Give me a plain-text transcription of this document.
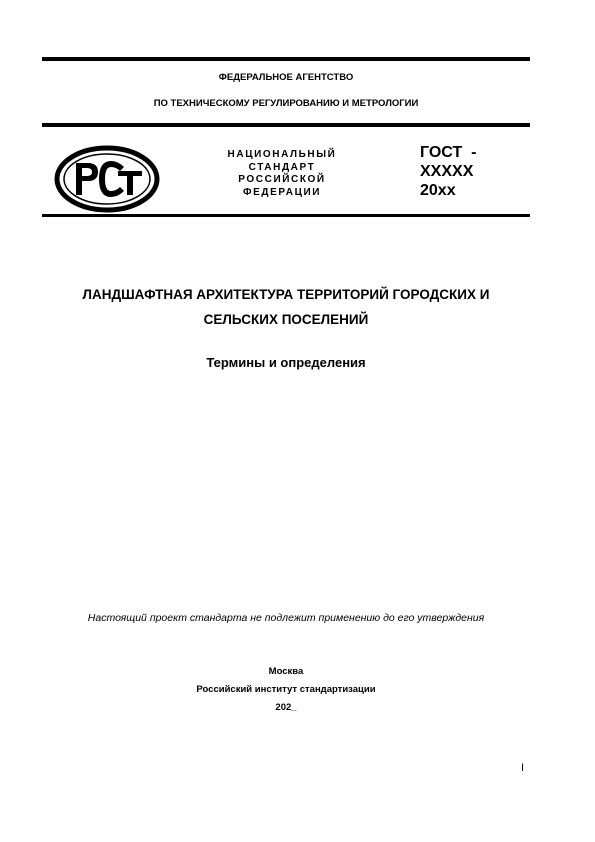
ФЕДЕРАЛЬНОЕ АГЕНТСТВО
ПО ТЕХНИЧЕСКОМУ РЕГУЛИРОВАНИЮ И МЕТРОЛОГИИ
НАЦИОНАЛЬНЫЙ
СТАНДАРТ
РОССИЙСКОЙ
ФЕДЕРАЦИИ
ГОСТ  -
XXXXX
20xx
ЛАНДШАФТНАЯ АРХИТЕКТУРА ТЕРРИТОРИЙ ГОРОДСКИХ И
СЕЛЬСКИХ ПОСЕЛЕНИЙ
Термины и определения
Настоящий проект стандарта не подлежит применению до его утверждения
Москва
Российский институт стандартизации
202_
I
